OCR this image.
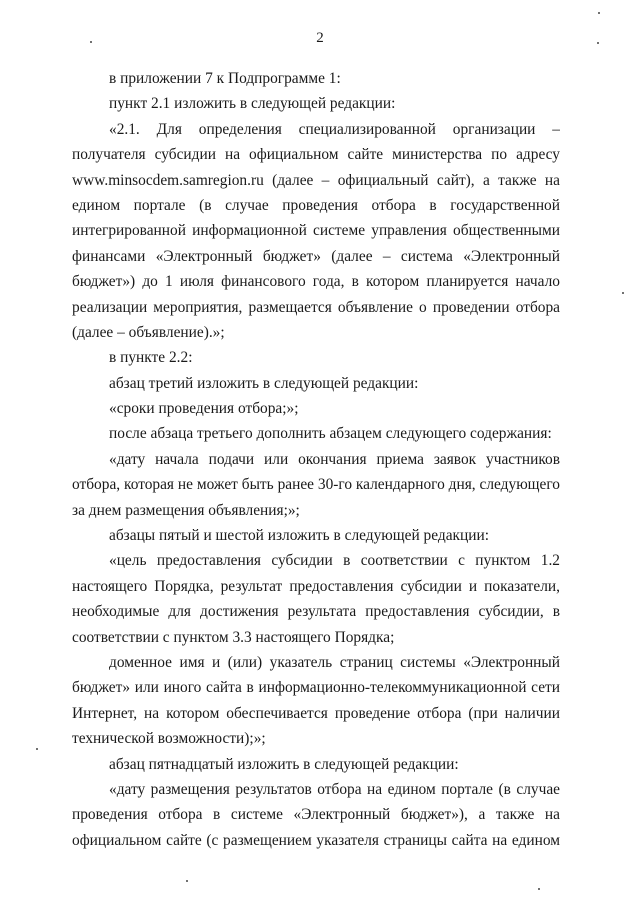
2
в приложении 7 к Подпрограмме 1:
пункт 2.1 изложить в следующей редакции:
«2.1. Для определения специализированной организации –
получателя субсидии на официальном сайте министерства по адресу
www.minsocdem.samregion.ru (далее – официальный сайт), а также на
едином портале (в случае проведения отбора в государственной
интегрированной информационной системе управления общественными
финансами «Электронный бюджет» (далее – система «Электронный
бюджет») до 1 июля финансового года, в котором планируется начало
реализации мероприятия, размещается объявление о проведении отбора
(далее – объявление).»;
в пункте 2.2:
абзац третий изложить в следующей редакции:
«сроки проведения отбора;»;
после абзаца третьего дополнить абзацем следующего содержания:
«дату начала подачи или окончания приема заявок участников
отбора, которая не может быть ранее 30-го календарного дня, следующего
за днем размещения объявления;»;
абзацы пятый и шестой изложить в следующей редакции:
«цель предоставления субсидии в соответствии с пунктом 1.2
настоящего Порядка, результат предоставления субсидии и показатели,
необходимые для достижения результата предоставления субсидии, в
соответствии с пунктом 3.3 настоящего Порядка;
доменное имя и (или) указатель страниц системы «Электронный
бюджет» или иного сайта в информационно-телекоммуникационной сети
Интернет, на котором обеспечивается проведение отбора (при наличии
технической возможности);»;
абзац пятнадцатый изложить в следующей редакции:
«дату размещения результатов отбора на едином портале (в случае
проведения отбора в системе «Электронный бюджет»), а также на
официальном сайте (с размещением указателя страницы сайта на едином
